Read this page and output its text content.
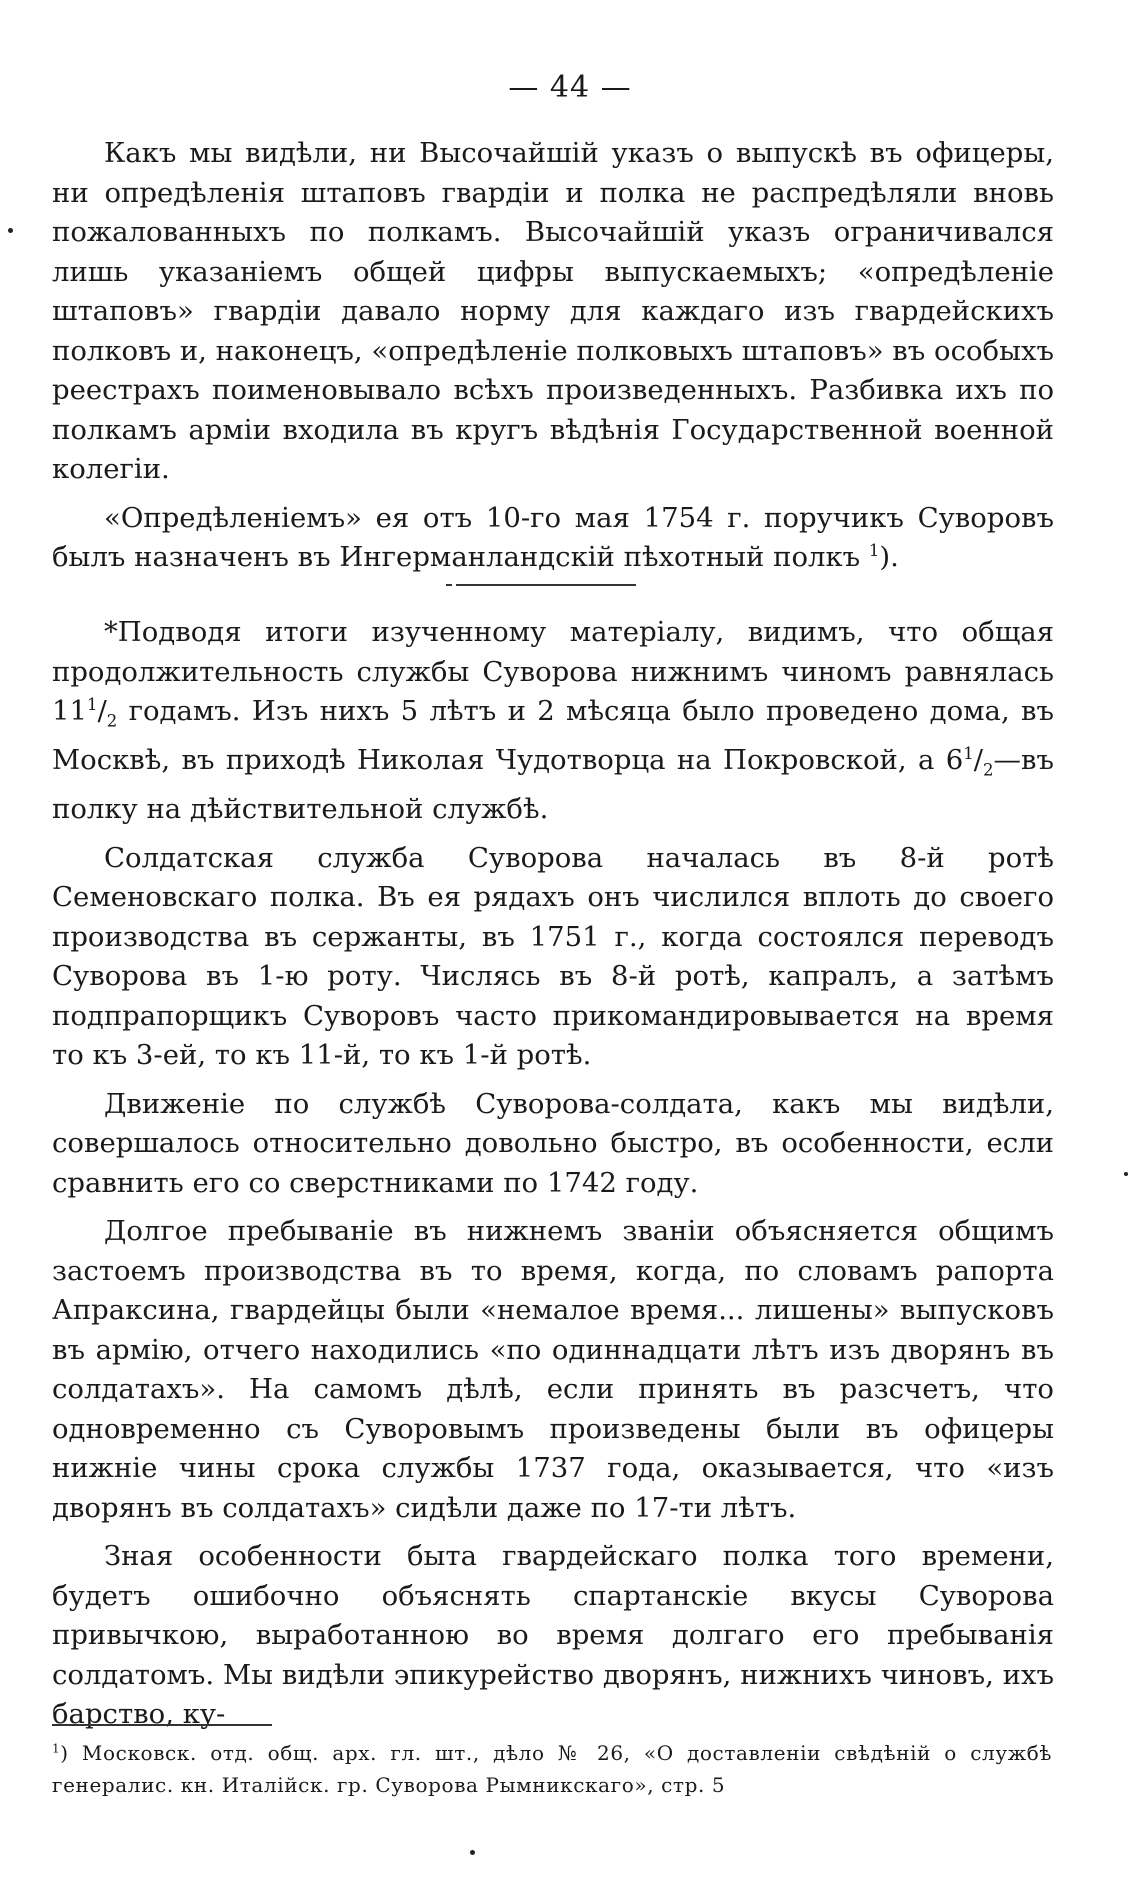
— 44 —

Какъ мы видѣли, ни Высочайшій указъ о выпускѣ въ офицеры, ни опредѣленія штаповъ гвардіи и полка не распредѣляли вновь пожалованныхъ по полкамъ. Высочайшій указъ ограничивался лишь указаніемъ общей цифры выпускаемыхъ; «опредѣленіе штаповъ» гвардіи давало норму для каждаго изъ гвардейскихъ полковъ и, наконецъ, «опредѣленіе полковыхъ штаповъ» въ особыхъ реестрахъ поименовывало всѣхъ произведенныхъ. Разбивка ихъ по полкамъ арміи входила въ кругъ вѣдѣнія Государственной военной колегіи.

«Опредѣленіемъ» ея отъ 10-го мая 1754 г. поручикъ Суворовъ былъ назначенъ въ Ингерманландскій пѣхотный полкъ $^1$).

*Подводя итоги изученному матеріалу, видимъ, что общая продолжительность службы Суворова нижнимъ чиномъ равнялась $11^1/_2$ годамъ. Изъ нихъ 5 лѣтъ и 2 мѣсяца было проведено дома, въ Москвѣ, въ приходѣ Николая Чудотворца на Покровской, а $6^1/_2—въ$ полку на дѣйствительной службѣ.

Солдатская служба Суворова началась въ 8-й ротѣ Семеновскаго полка. Въ ея рядахъ онъ числился вплоть до своего производства въ сержанты, въ 1751 г., когда состоялся переводъ Суворова въ 1-ю роту. Числясь въ 8-й ротѣ, капралъ, а затѣмъ подпрапорщикъ Суворовъ часто прикомандировывается на время то къ 3-ей, то къ 11-й, то къ 1-й ротѣ.

Движеніе по службѣ Суворова-солдата, какъ мы видѣли, совершалось относительно довольно быстро, въ особенности, если сравнить его со сверстниками по 1742 году.

Долгое пребываніе въ нижнемъ званіи объясняется общимъ застоемъ производства въ то время, когда, по словамъ рапорта Апраксина, гвардейцы были «немалое время... лишены» выпусковъ въ армію, отчего находились «по одиннадцати лѣтъ изъ дворянъ въ солдатахъ». На самомъ дѣлѣ, если принять въ разсчетъ, что одновременно съ Суворовымъ произведены были въ офицеры нижніе чины срока службы 1737 года, оказывается, что «изъ дворянъ въ солдатахъ» сидѣли даже по 17-ти лѣтъ.

Зная особенности быта гвардейскаго полка того времени, будетъ ошибочно объяснять спартанскіе вкусы Суворова привычкою, выработанною во время долгаго его пребыванія солдатомъ. Мы видѣли эпикурейство дворянъ, нижнихъ чиновъ, ихъ барство, ку-

$^1$) Московск. отд. общ. арх. гл. шт., дѣло № 26, «О доставленіи свѣдѣній о службѣ генералис. кн. Италійск. гр. Суворова Рымникскаго», стр. 5
